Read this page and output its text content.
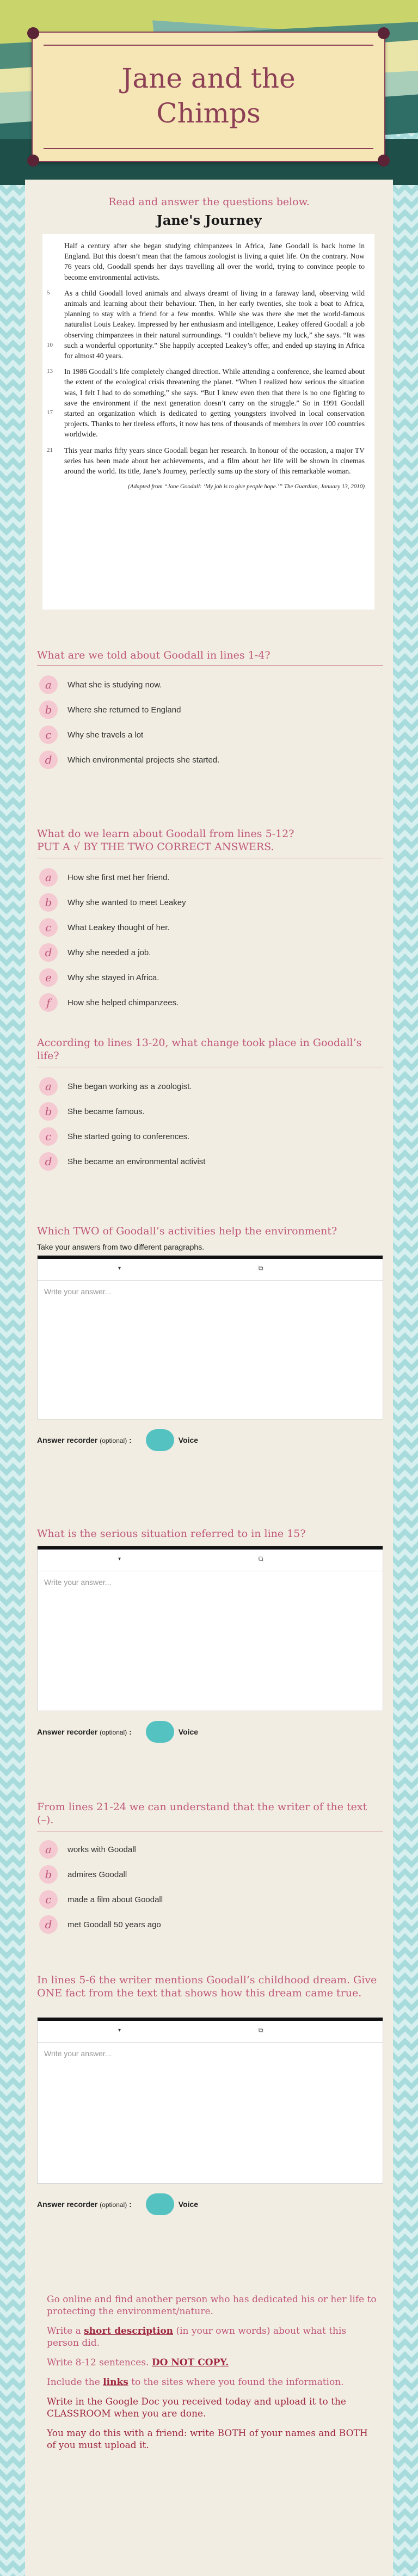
Jane and the Chimps
Read and answer the questions below.
Jane's Journey

Half a century after she began studying chimpanzees in Africa, Jane Goodall is back home in England. But this doesn’t mean that the famous zoologist is living a quiet life. On the contrary. Now 76 years old, Goodall spends her days travelling all over the world, trying to convince people to become environmental activists.

5
10
As a child Goodall loved animals and always dreamt of living in a faraway land, observing wild animals and learning about their behaviour. Then, in her early twenties, she took a boat to Africa, planning to stay with a friend for a few months. While she was there she met the world-famous naturalist Louis Leakey. Impressed by her enthusiasm and intelligence, Leakey offered Goodall a job observing chimpanzees in their natural surroundings. “I couldn’t believe my luck,” she says. “It was such a wonderful opportunity.” She happily accepted Leakey’s offer, and ended up staying in Africa for almost 40 years.

13
17
In 1986 Goodall’s life completely changed direction. While attending a conference, she learned about the extent of the ecological crisis threatening the planet. “When I realized how serious the situation was, I felt I had to do something,” she says. “But I knew even then that there is no one fighting to save the environment if the next generation doesn’t carry on the struggle.” So in 1991 Goodall started an organization which is dedicated to getting youngsters involved in local conservation projects. Thanks to her tireless efforts, it now has tens of thousands of members in over 100 countries worldwide.

21 This year marks fifty years since Goodall began her research. In honour of the occasion, a major TV series has been made about her achievements, and a film about her life will be shown in cinemas around the world. Its title, Jane’s Journey, perfectly sums up the story of this remarkable woman.

(Adapted from “Jane Goodall: ‘My job is to give people hope.’” The Guardian, January 13, 2010)
What are we told about Goodall in lines 1-4?
a	What she is studying now.
b	Where she returned to England
c	Why she travels a lot
d	Which environmental projects she started.
What do we learn about Goodall from lines 5-12?
PUT A √ BY THE TWO CORRECT ANSWERS.
a	How she first met her friend.
b	Why she wanted to meet Leakey
c	What Leakey thought of her.
d	Why she needed a job.
e	Why she stayed in Africa.
f	How she helped chimpanzees.
According to lines 13-20, what change took place in Goodall’s life?
a	She began working as a zoologist.
b	She became famous.
c	She started going to conferences.
d	She became an environmental activist
Which TWO of Goodall’s activities help the environment?
Take your answers from two different paragraphs.
▾	⧉
Write your answer...
Answer recorder (optional) :	Voice
What is the serious situation referred to in line 15?
▾	⧉
Write your answer...
Answer recorder (optional) :	Voice
From lines 21-24 we can understand that the writer of the text (–).
a	works with Goodall
b	admires Goodall
c	made a film about Goodall
d	met Goodall 50 years ago
In lines 5-6 the writer mentions Goodall’s childhood dream. Give ONE fact from the text that shows how this dream came true.
▾	⧉
Write your answer...
Answer recorder (optional) :	Voice

Go online and find another person who has dedicated his or her life to protecting the environment/nature.

Write a short description (in your own words) about what this person did.

Write 8-12 sentences. DO NOT COPY.

Include the links to the sites where you found the information.

Write in the Google Doc you received today and upload it to the CLASSROOM when you are done.

You may do this with a friend: write BOTH of your names and BOTH of you must upload it.
